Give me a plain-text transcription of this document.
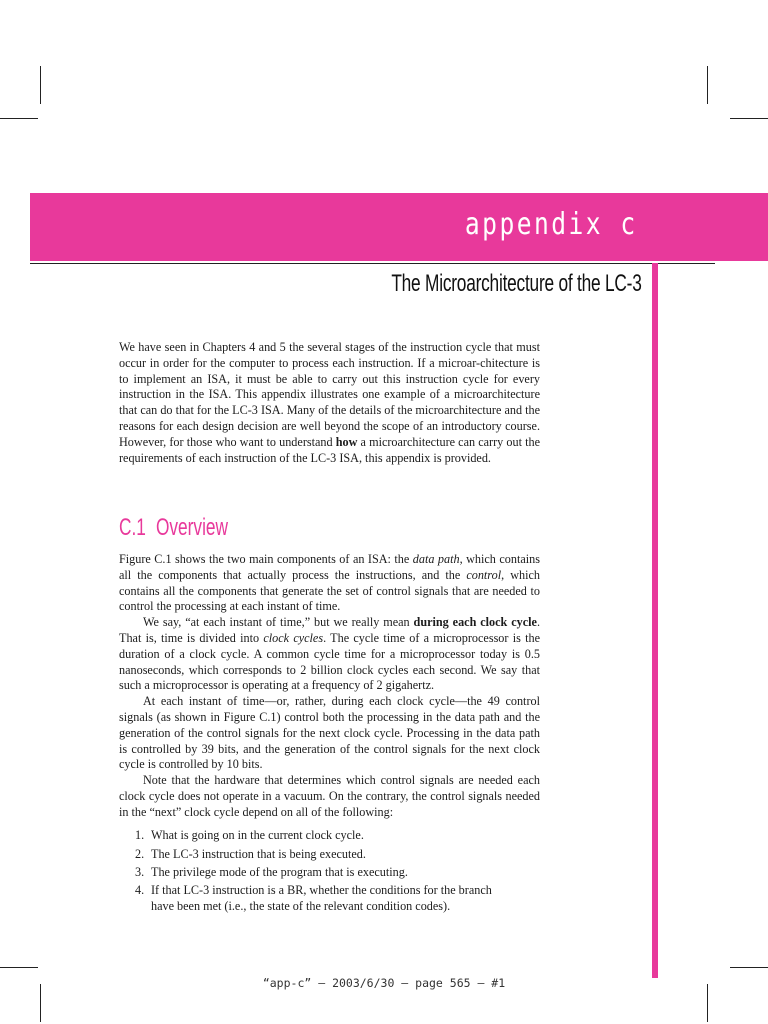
appendix c
The Microarchitecture of the LC-3

We have seen in Chapters 4 and 5 the several stages of the instruction cycle that must occur in order for the computer to process each instruction. If a microar-chitecture is to implement an ISA, it must be able to carry out this instruction cycle for every instruction in the ISA. This appendix illustrates one example of a microarchitecture that can do that for the LC-3 ISA. Many of the details of the microarchitecture and the reasons for each design decision are well beyond the scope of an introductory course. However, for those who want to understand how a microarchitecture can carry out the requirements of each instruction of the LC-3 ISA, this appendix is provided.

C.1 Overview

Figure C.1 shows the two main components of an ISA: the data path, which contains all the components that actually process the instructions, and the control, which contains all the components that generate the set of control signals that are needed to control the processing at each instant of time.

We say, “at each instant of time,” but we really mean during each clock cycle. That is, time is divided into clock cycles. The cycle time of a microprocessor is the duration of a clock cycle. A common cycle time for a microprocessor today is 0.5 nanoseconds, which corresponds to 2 billion clock cycles each second. We say that such a microprocessor is operating at a frequency of 2 gigahertz.

At each instant of time—or, rather, during each clock cycle—the 49 control signals (as shown in Figure C.1) control both the processing in the data path and the generation of the control signals for the next clock cycle. Processing in the data path is controlled by 39 bits, and the generation of the control signals for the next clock cycle is controlled by 10 bits.

Note that the hardware that determines which control signals are needed each clock cycle does not operate in a vacuum. On the contrary, the control signals needed in the “next” clock cycle depend on all of the following:

1. What is going on in the current clock cycle.
2. The LC-3 instruction that is being executed.
3. The privilege mode of the program that is executing.
4. If that LC-3 instruction is a BR, whether the conditions for the branch
have been met (i.e., the state of the relevant condition codes).
“app-c” — 2003/6/30 — page 565 — #1
